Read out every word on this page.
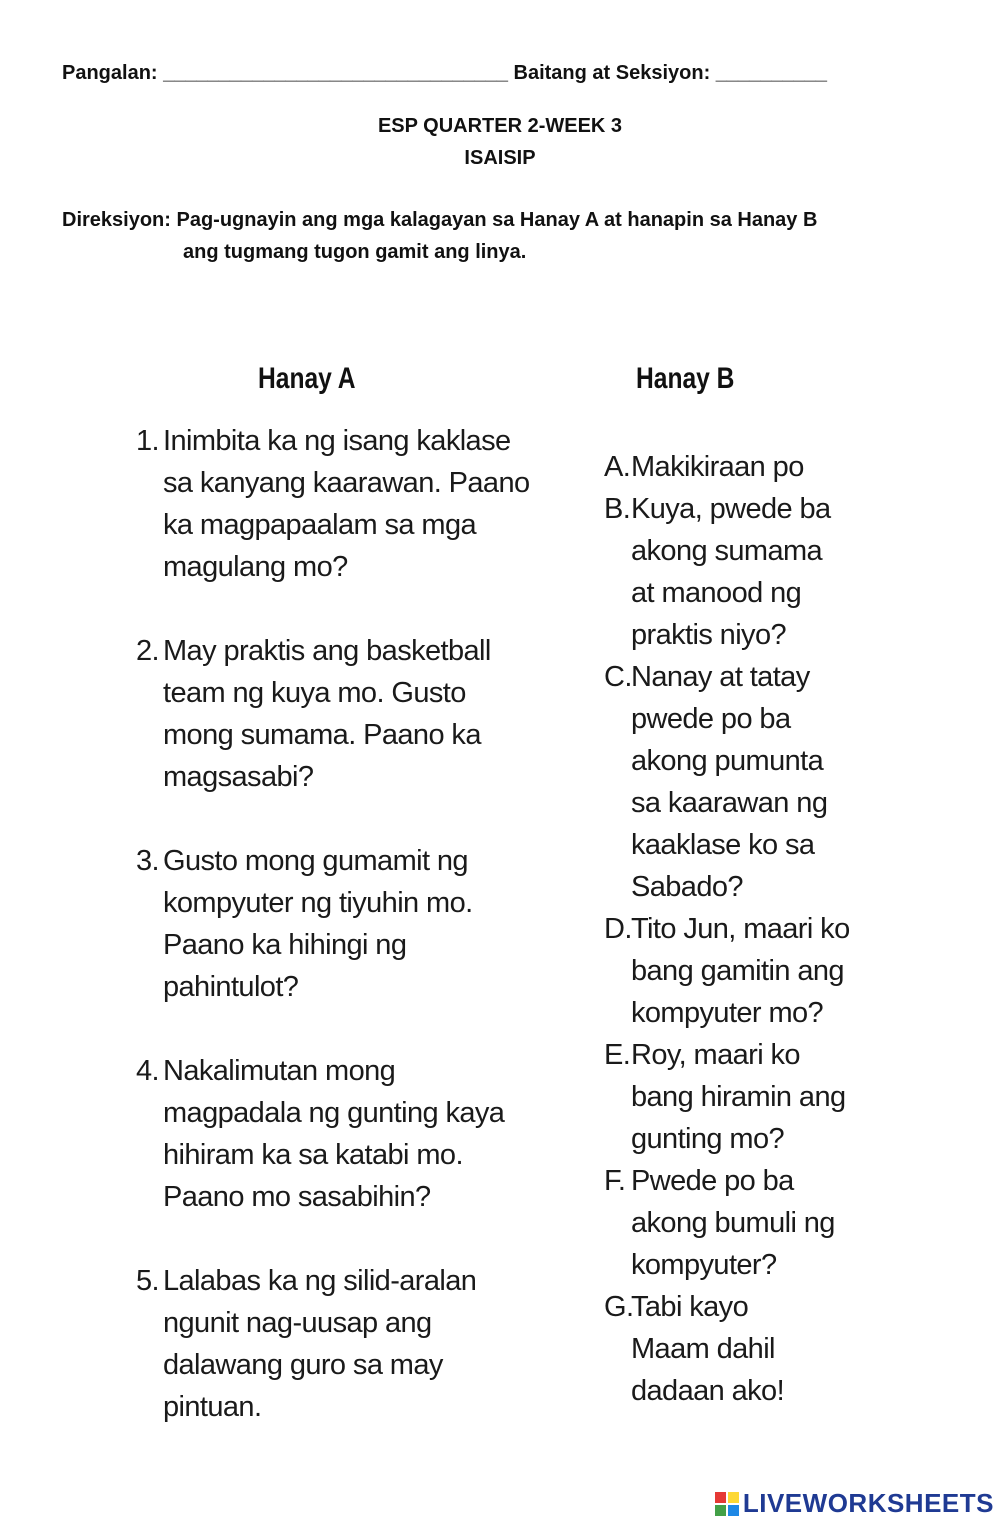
Pangalan: _______________________________ Baitang at Seksiyon: __________
ESP QUARTER 2-WEEK 3
ISAISIP
Direksiyon: Pag-ugnayin ang mga kalagayan sa Hanay A at hanapin sa Hanay B
ang tugmang tugon gamit ang linya.
Hanay A	Hanay B
1. Inimbita ka ng isang kaklase
sa kanyang kaarawan. Paano
ka magpapaalam sa mga
magulang mo?
2. May praktis ang basketball
team ng kuya mo. Gusto
mong sumama. Paano ka
magsasabi?
3. Gusto mong gumamit ng
kompyuter ng tiyuhin mo.
Paano ka hihingi ng
pahintulot?
4. Nakalimutan mong
magpadala ng gunting kaya
hihiram ka sa katabi mo.
Paano mo sasabihin?
5. Lalabas ka ng silid-aralan
ngunit nag-uusap ang
dalawang guro sa may
pintuan.
A. Makikiraan po
B. Kuya, pwede ba
akong sumama
at manood ng
praktis niyo?
C. Nanay at tatay
pwede po ba
akong pumunta
sa kaarawan ng
kaaklase ko sa
Sabado?
D. Tito Jun, maari ko
bang gamitin ang
kompyuter mo?
E. Roy, maari ko
bang hiramin ang
gunting mo?
F. Pwede po ba
akong bumuli ng
kompyuter?
G.
Tabi kayo
Maam dahil
dadaan ako!
LIVEWORKSHEETS
